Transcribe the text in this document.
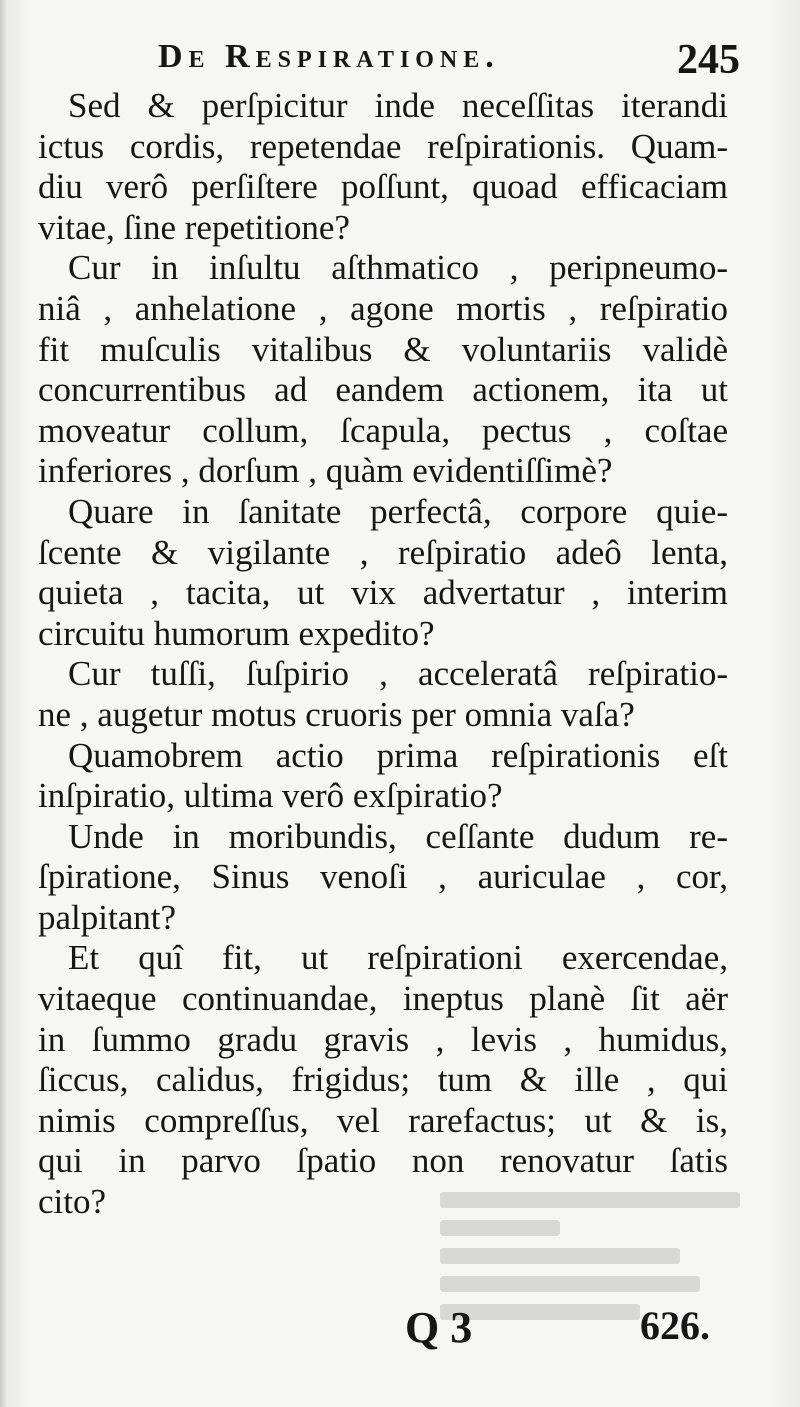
De Respiratione.	245
Sed & perſpicitur inde neceſſitas iterandi
ictus cordis, repetendae reſpirationis. Quam-
diu verô perſiſtere poſſunt, quoad efficaciam
vitae, ſine repetitione?
Cur in inſultu aſthmatico , peripneumo-
niâ , anhelatione , agone mortis , reſpiratio
fit muſculis vitalibus & voluntariis validè
concurrentibus ad eandem actionem, ita ut
moveatur collum, ſcapula, pectus , coſtae
inferiores , dorſum , quàm evidentiſſimè?
Quare in ſanitate perfectâ, corpore quie-
ſcente & vigilante , reſpiratio adeô lenta,
quieta , tacita, ut vix advertatur , interim
circuitu humorum expedito?
Cur tuſſi, ſuſpirio , acceleratâ reſpiratio-
ne , augetur motus cruoris per omnia vaſa?
Quamobrem actio prima reſpirationis eſt
inſpiratio, ultima verô exſpiratio?
Unde in moribundis, ceſſante dudum re-
ſpiratione, Sinus venoſi , auriculae , cor,
palpitant?
Et quî fit, ut reſpirationi exercendae,
vitaeque continuandae, ineptus planè ſit aër
in ſummo gradu gravis , levis , humidus,
ſiccus, calidus, frigidus; tum & ille , qui
nimis compreſſus, vel rarefactus; ut & is,
qui in parvo ſpatio non renovatur ſatis
cito?
Q 3	626.
